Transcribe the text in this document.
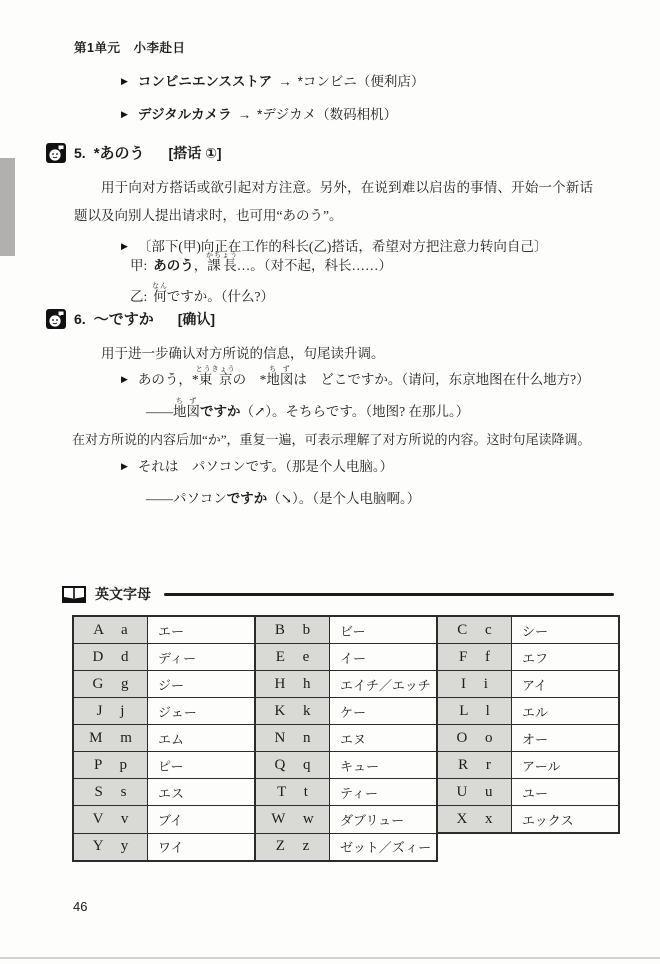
第1单元　小李赴日
▶ コンビニエンスストア → *コンビニ（便利店）
▶ デジタルカメラ → *デジカメ（数码相机）
5. *あのう [搭话 ①]
用于向对方搭话或欲引起对方注意。另外，在说到难以启齿的事情、开始一个新话题以及向别人提出请求时，也可用“あのう”。
▶ 〔部下(甲)向正在工作的科长(乙)搭话，希望对方把注意力转向自己〕
甲: あのう，課長かちょう…。（对不起，科长……）
乙: 何なんですか。（什么?）
6. ～ですか [确认]
用于进一步确认对方所说的信息，句尾读升调。
▶ あのう，*東京とうきょうの　*地図ちずは　どこですか。（请问，东京地图在什么地方?）
——地図ちずですか（↗）。そちらです。（地图? 在那儿。）
在对方所说的内容后加“か”，重复一遍，可表示理解了对方所说的内容。这时句尾读降调。
▶ それは　パソコンです。（那是个人电脑。）
——パソコンですか（↘）。（是个人电脑啊。）
英文字母
A a	エー	B b	ビー	C c	シー
D d	ディー	E e	イー	F f	エフ
G g	ジー	H h	エイチ／エッチ	I i	アイ
J j	ジェー	K k	ケー	L l	エル
M m	エム	N n	エヌ	O o	オー
P p	ピー	Q q	キュー	R r	アール
S s	エス	T t	ティー	U u	ユー
V v	ブイ	W w	ダブリュー	X x	エックス
Y y	ワイ	Z z	ゼット／ズィー		
46
